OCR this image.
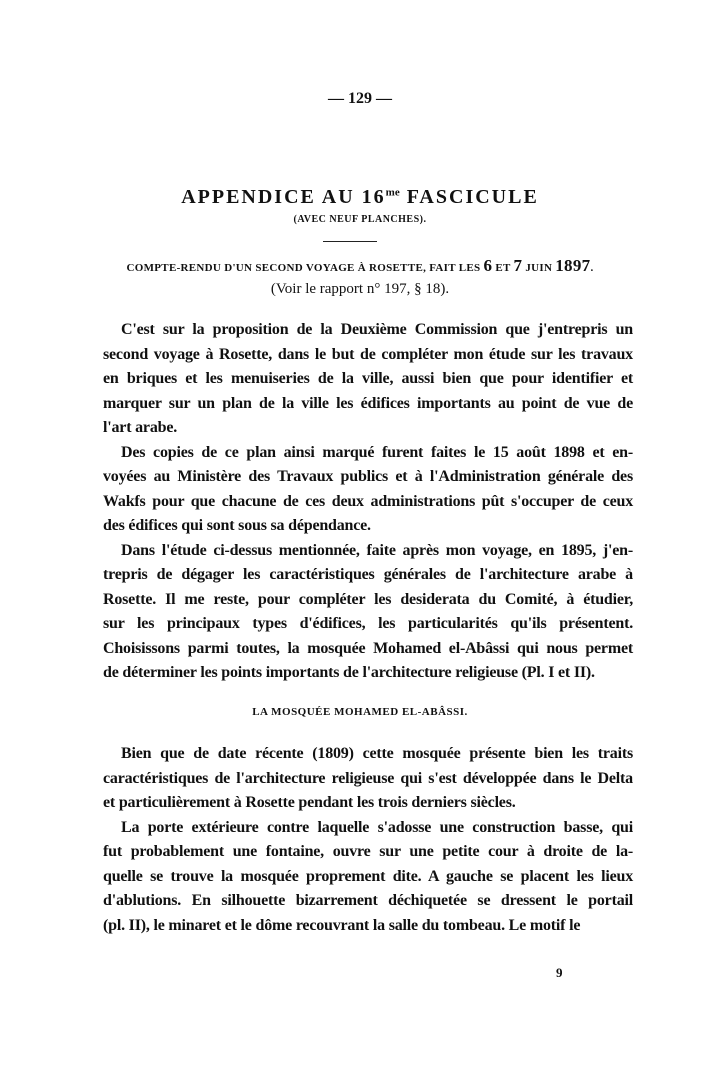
— 129 —
APPENDICE AU $16^{me}$ FASCICULE
(AVEC NEUF PLANCHES).
COMPTE-RENDU D'UN SECOND VOYAGE À ROSETTE, FAIT LES 6 ET 7 JUIN 1897.
(Voir le rapport n° 197, § 18).
C'est sur la proposition de la Deuxième Commission que j'entrepris un
second voyage à Rosette, dans le but de compléter mon étude sur les travaux
en briques et les menuiseries de la ville, aussi bien que pour identifier et
marquer sur un plan de la ville les édifices importants au point de vue de
l'art arabe.
Des copies de ce plan ainsi marqué furent faites le 15 août 1898 et en-
voyées au Ministère des Travaux publics et à l'Administration générale des
Wakfs pour que chacune de ces deux administrations pût s'occuper de ceux
des édifices qui sont sous sa dépendance.
Dans l'étude ci-dessus mentionnée, faite après mon voyage, en 1895, j'en-
trepris de dégager les caractéristiques générales de l'architecture arabe à
Rosette. Il me reste, pour compléter les desiderata du Comité, à étudier,
sur les principaux types d'édifices, les particularités qu'ils présentent.
Choisissons parmi toutes, la mosquée Mohamed el-Abâssi qui nous permet
de déterminer les points importants de l'architecture religieuse (Pl. I et II).
LA MOSQUÉE MOHAMED EL-ABÂSSI.
Bien que de date récente (1809) cette mosquée présente bien les traits
caractéristiques de l'architecture religieuse qui s'est développée dans le Delta
et particulièrement à Rosette pendant les trois derniers siècles.
La porte extérieure contre laquelle s'adosse une construction basse, qui
fut probablement une fontaine, ouvre sur une petite cour à droite de la-
quelle se trouve la mosquée proprement dite. A gauche se placent les lieux
d'ablutions. En silhouette bizarrement déchiquetée se dressent le portail
(pl. II), le minaret et le dôme recouvrant la salle du tombeau. Le motif le
9
